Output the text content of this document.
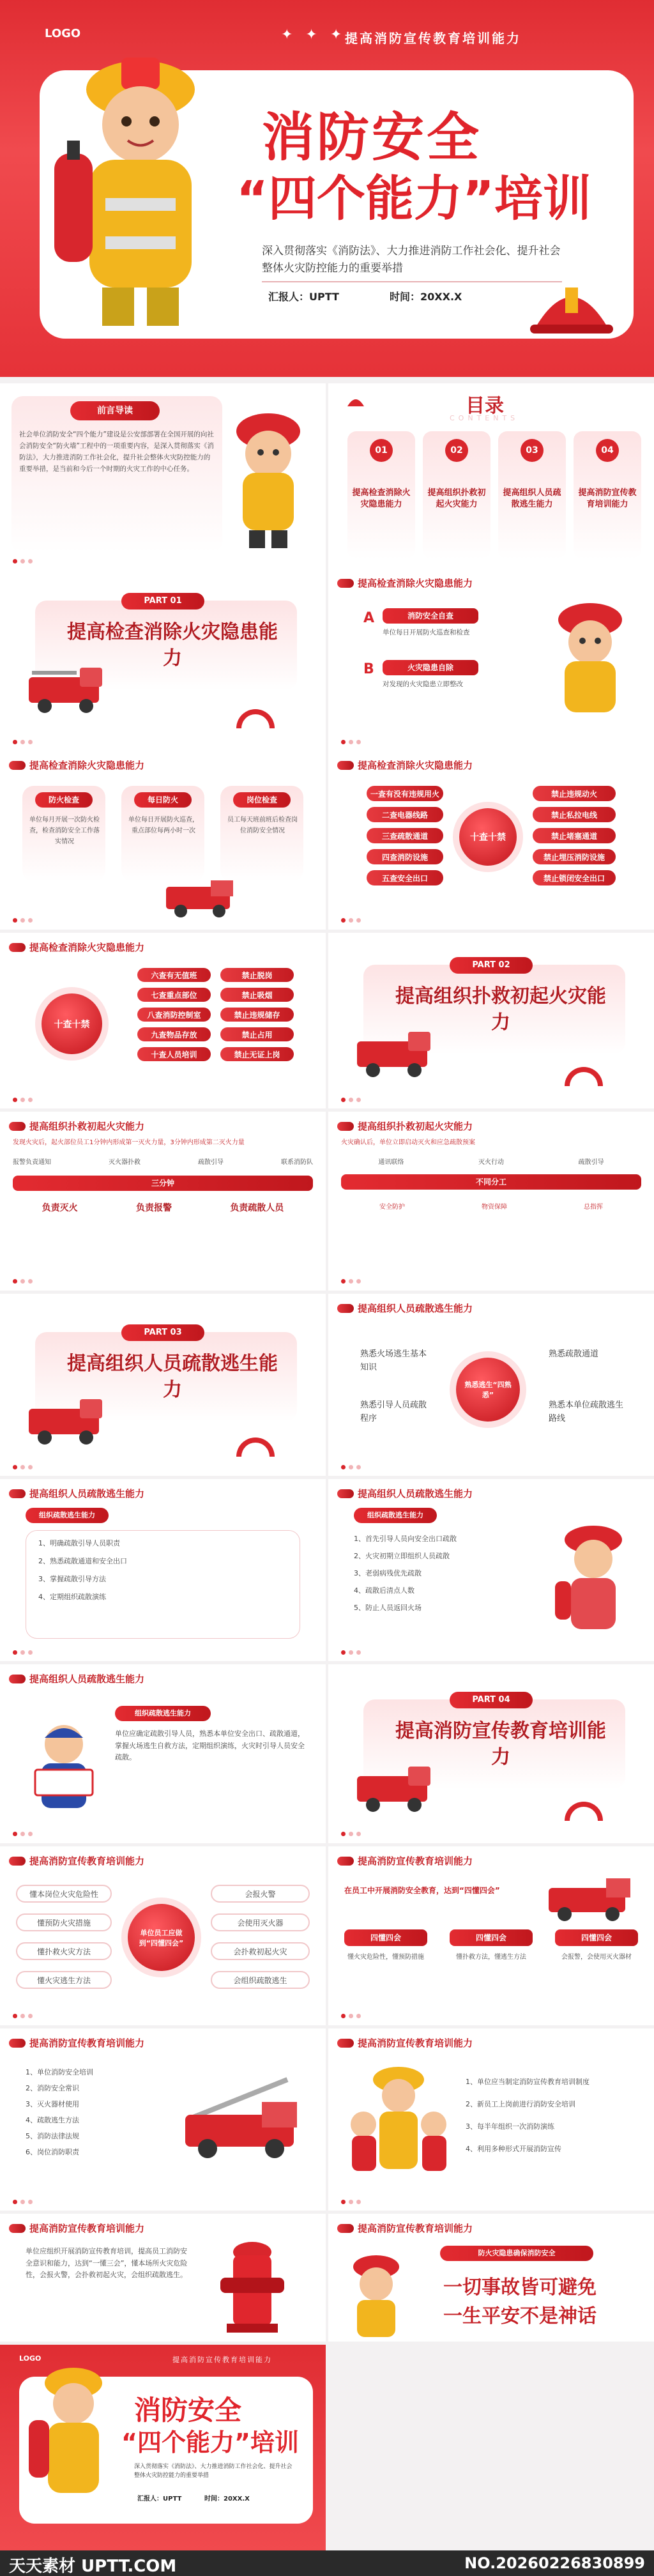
LOGO	✦✦✦
提高消防宣传教育培训能力
消防安全
“四个能力”培训
深入贯彻落实《消防法》、大力推进消防工作社会化、提升社会整体火灾防控能力的重要举措
汇报人：UPTT	时间：20XX.X
前言导读
社会单位消防安全“四个能力”建设是公安部部署在全国开展的向社会消防安全“防火墙”工程中的一项重要内容，是深入贯彻落实《消防法》，大力推进消防工作社会化，提升社会整体火灾防控能力的重要举措，是当前和今后一个时期的火灾工作的中心任务。
目录
CONTENTS
01
提高检查消除火灾隐患能力
02
提高组织扑救初起火灾能力
03
提高组织人员疏散逃生能力
04
提高消防宣传教育培训能力
PART 01
提高检查消除火灾隐患能力
提高检查消除火灾隐患能力
A	消防安全自查
单位每日开展防火巡查和检查
B	火灾隐患自除
对发现的火灾隐患立即整改
提高检查消除火灾隐患能力
防火检查
单位每月开展一次防火检查，检查消防安全工作落实情况
每日防火
单位每日开展防火巡查，重点部位每两小时一次
岗位检查
员工每天班前班后检查岗位消防安全情况
提高检查消除火灾隐患能力
一查有没有违规用火
二查电器线路
三查疏散通道
四查消防设施
五查安全出口
十查十禁
禁止违规动火
禁止私拉电线
禁止堵塞通道
禁止埋压消防设施
禁止锁闭安全出口
提高检查消除火灾隐患能力
十查十禁
六查有无值班
七查重点部位
八查消防控制室
九查物品存放
十查人员培训
禁止脱岗
禁止吸烟
禁止违规储存
禁止占用
禁止无证上岗
PART 02
提高组织扑救初起火灾能力
提高组织扑救初起火灾能力
发现火灾后，起火部位员工1分钟内形成第一灭火力量，3分钟内形成第二灭火力量
报警负责通知	灭火器扑救	疏散引导	联系消防队
三分钟
负责灭火	负责报警	负责疏散人员
提高组织扑救初起火灾能力
火灾确认后，单位立即启动灭火和应急疏散预案
通讯联络	灭火行动	疏散引导
不同分工
安全防护	物资保障	总指挥
PART 03
提高组织人员疏散逃生能力
提高组织人员疏散逃生能力
熟悉火场逃生基本知识
熟悉引导人员疏散程序
熟悉逃生“四熟悉”
熟悉疏散通道
熟悉本单位疏散逃生路线
提高组织人员疏散逃生能力
组织疏散逃生能力
1、明确疏散引导人员职责
2、熟悉疏散通道和安全出口
3、掌握疏散引导方法
4、定期组织疏散演练
提高组织人员疏散逃生能力
组织疏散逃生能力
1、首先引导人员向安全出口疏散
2、火灾初期立即组织人员疏散
3、老弱病残优先疏散
4、疏散后清点人数
5、防止人员返回火场
提高组织人员疏散逃生能力
组织疏散逃生能力
单位应确定疏散引导人员，熟悉本单位安全出口、疏散通道，掌握火场逃生自救方法，定期组织演练，火灾时引导人员安全疏散。
PART 04
提高消防宣传教育培训能力
提高消防宣传教育培训能力
懂本岗位火灾危险性
懂预防火灾措施
懂扑救火灾方法
懂火灾逃生方法
单位员工应做到“四懂四会”
会报火警
会使用灭火器
会扑救初起火灾
会组织疏散逃生
提高消防宣传教育培训能力
在员工中开展消防安全教育，达到“四懂四会”
四懂四会
懂火灾危险性，懂预防措施
四懂四会
懂扑救方法，懂逃生方法
四懂四会
会报警，会使用灭火器材
提高消防宣传教育培训能力
1、单位消防安全培训
2、消防安全常识
3、灭火器材使用
4、疏散逃生方法
5、消防法律法规
6、岗位消防职责
提高消防宣传教育培训能力
1、单位应当制定消防宣传教育培训制度
2、新员工上岗前进行消防安全培训
3、每半年组织一次消防演练
4、利用多种形式开展消防宣传
提高消防宣传教育培训能力
单位应组织开展消防宣传教育培训，提高员工消防安全意识和能力，达到“一懂三会”，懂本场所火灾危险性，会报火警，会扑救初起火灾，会组织疏散逃生。
提高消防宣传教育培训能力
防火灾隐患确保消防安全
一切事故皆可避免
一生平安不是神话
LOGO	提高消防宣传教育培训能力
消防安全
“四个能力”培训
深入贯彻落实《消防法》、大力推进消防工作社会化、提升社会整体火灾防控能力的重要举措
汇报人：UPTT	时间：20XX.X
天天素材 UPTT.COM	NO.20260226830899
